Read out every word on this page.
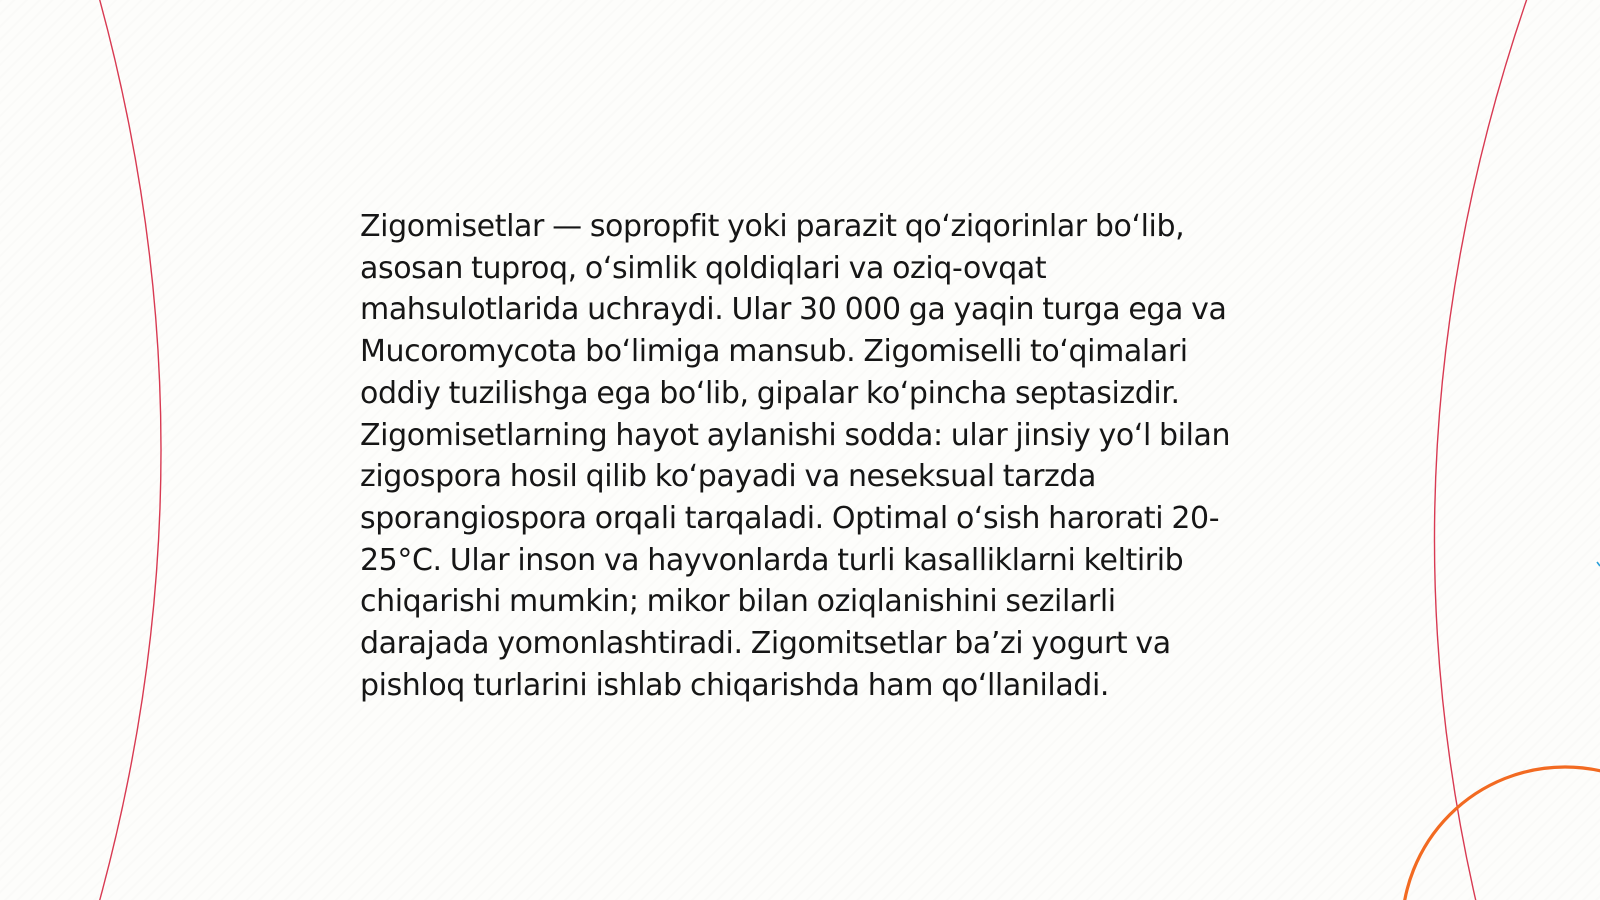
Zigomisetlar — sopropfit yoki parazit qoʻziqorinlar boʻlib, asosan tuproq, oʻsimlik qoldiqlari va oziq-ovqat mahsulotlarida uchraydi. Ular 30 000 ga yaqin turga ega va Mucoromycota boʻlimiga mansub. Zigomiselli toʻqimalari oddiy tuzilishga ega boʻlib, gipalar koʻpincha septasizdir. Zigomisetlarning hayot aylanishi sodda: ular jinsiy yoʻl bilan zigospora hosil qilib koʻpayadi va neseksual tarzda sporangiospora orqali tarqaladi. Optimal oʻsish harorati 20-25°C. Ular inson va hayvonlarda turli kasalliklarni keltirib chiqarishi mumkin; mikor bilan oziqlanishini sezilarli darajada yomonlashtiradi. Zigomitsetlar baʼzi yogurt va pishloq turlarini ishlab chiqarishda ham qoʻllaniladi.
